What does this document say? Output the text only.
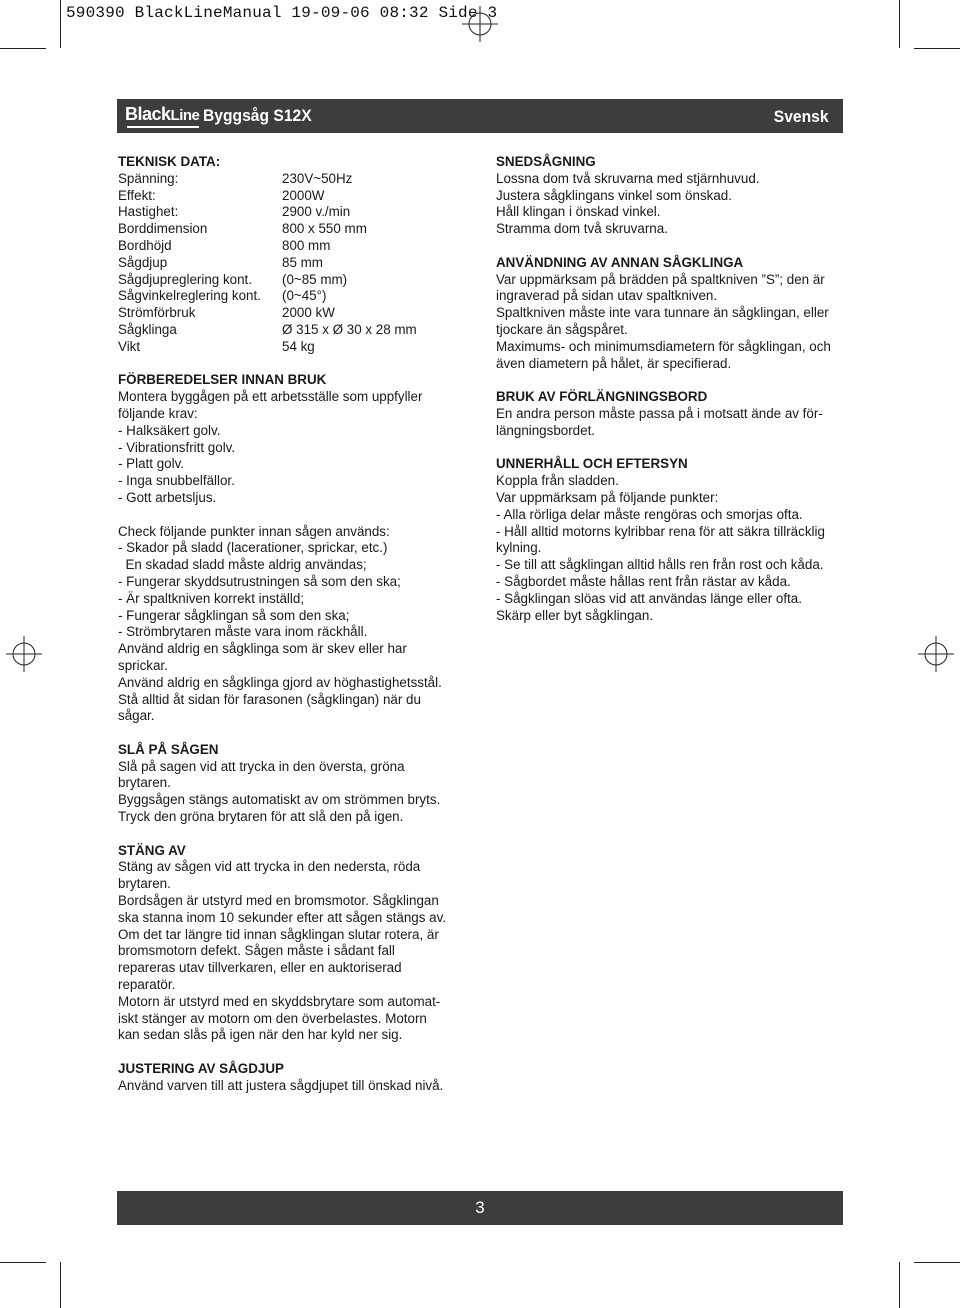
590390 BlackLineManual 19-09-06 08:32 Side 3
BlackLine Byggsåg S12X	Svensk
TEKNISK DATA:
Spänning:	230V~50Hz
Effekt:	2000W
Hastighet:	2900 v./min
Borddimension	800 x 550 mm
Bordhöjd	800 mm
Sågdjup	85 mm
Sågdjupreglering kont.	(0~85 mm)
Sågvinkelreglering kont.	(0~45°)
Strömförbruk	2000 kW
Sågklinga	Ø 315 x Ø 30 x 28 mm
Vikt	54 kg
FÖRBEREDELSER INNAN BRUK
Montera byggågen på ett arbetsställe som uppfyller
följande krav:
- Halksäkert golv.
- Vibrationsfritt golv.
- Platt golv.
- Inga snubbelfällor.
- Gott arbetsljus.
Check följande punkter innan sågen används:
- Skador på sladd (lacerationer, sprickar, etc.)
En skadad sladd måste aldrig användas;
- Fungerar skyddsutrustningen så som den ska;
- Är spaltkniven korrekt inställd;
- Fungerar sågklingan så som den ska;
- Strömbrytaren måste vara inom räckhåll.
Använd aldrig en sågklinga som är skev eller har
sprickar.
Använd aldrig en sågklinga gjord av höghastighetsstål.
Stå alltid åt sidan för farasonen (sågklingan) när du
sågar.
SLÅ PÅ SÅGEN
Slå på sagen vid att trycka in den översta, gröna
brytaren.
Byggsågen stängs automatiskt av om strömmen bryts.
Tryck den gröna brytaren för att slå den på igen.
STÄNG AV
Stäng av sågen vid att trycka in den nedersta, röda
brytaren.
Bordsågen är utstyrd med en bromsmotor. Sågklingan
ska stanna inom 10 sekunder efter att sågen stängs av.
Om det tar längre tid innan sågklingan slutar rotera, är
bromsmotorn defekt. Sågen måste i sådant fall
repareras utav tillverkaren, eller en auktoriserad
reparatör.
Motorn är utstyrd med en skyddsbrytare som automat-
iskt stänger av motorn om den överbelastes. Motorn
kan sedan slås på igen när den har kyld ner sig.
JUSTERING AV SÅGDJUP
Använd varven till att justera sågdjupet till önskad nivå.
SNEDSÅGNING
Lossna dom två skruvarna med stjärnhuvud.
Justera sågklingans vinkel som önskad.
Håll klingan i önskad vinkel.
Stramma dom två skruvarna.
ANVÄNDNING AV ANNAN SÅGKLINGA
Var uppmärksam på brädden på spaltkniven ”S”; den är
ingraverad på sidan utav spaltkniven.
Spaltkniven måste inte vara tunnare än sågklingan, eller
tjockare än sågspåret.
Maximums- och minimumsdiametern för sågklingan, och
även diametern på hålet, är specifierad.
BRUK AV FÖRLÄNGNINGSBORD
En andra person måste passa på i motsatt ände av för-
längningsbordet.
UNNERHÅLL OCH EFTERSYN
Koppla från sladden.
Var uppmärksam på följande punkter:
- Alla rörliga delar måste rengöras och smorjas ofta.
- Håll alltid motorns kylribbar rena för att säkra tillräcklig
kylning.
- Se till att sågklingan alltid hålls ren från rost och kåda.
- Sågbordet måste hållas rent från rästar av kåda.
- Sågklingan slöas vid att användas länge eller ofta.
Skärp eller byt sågklingan.
3
